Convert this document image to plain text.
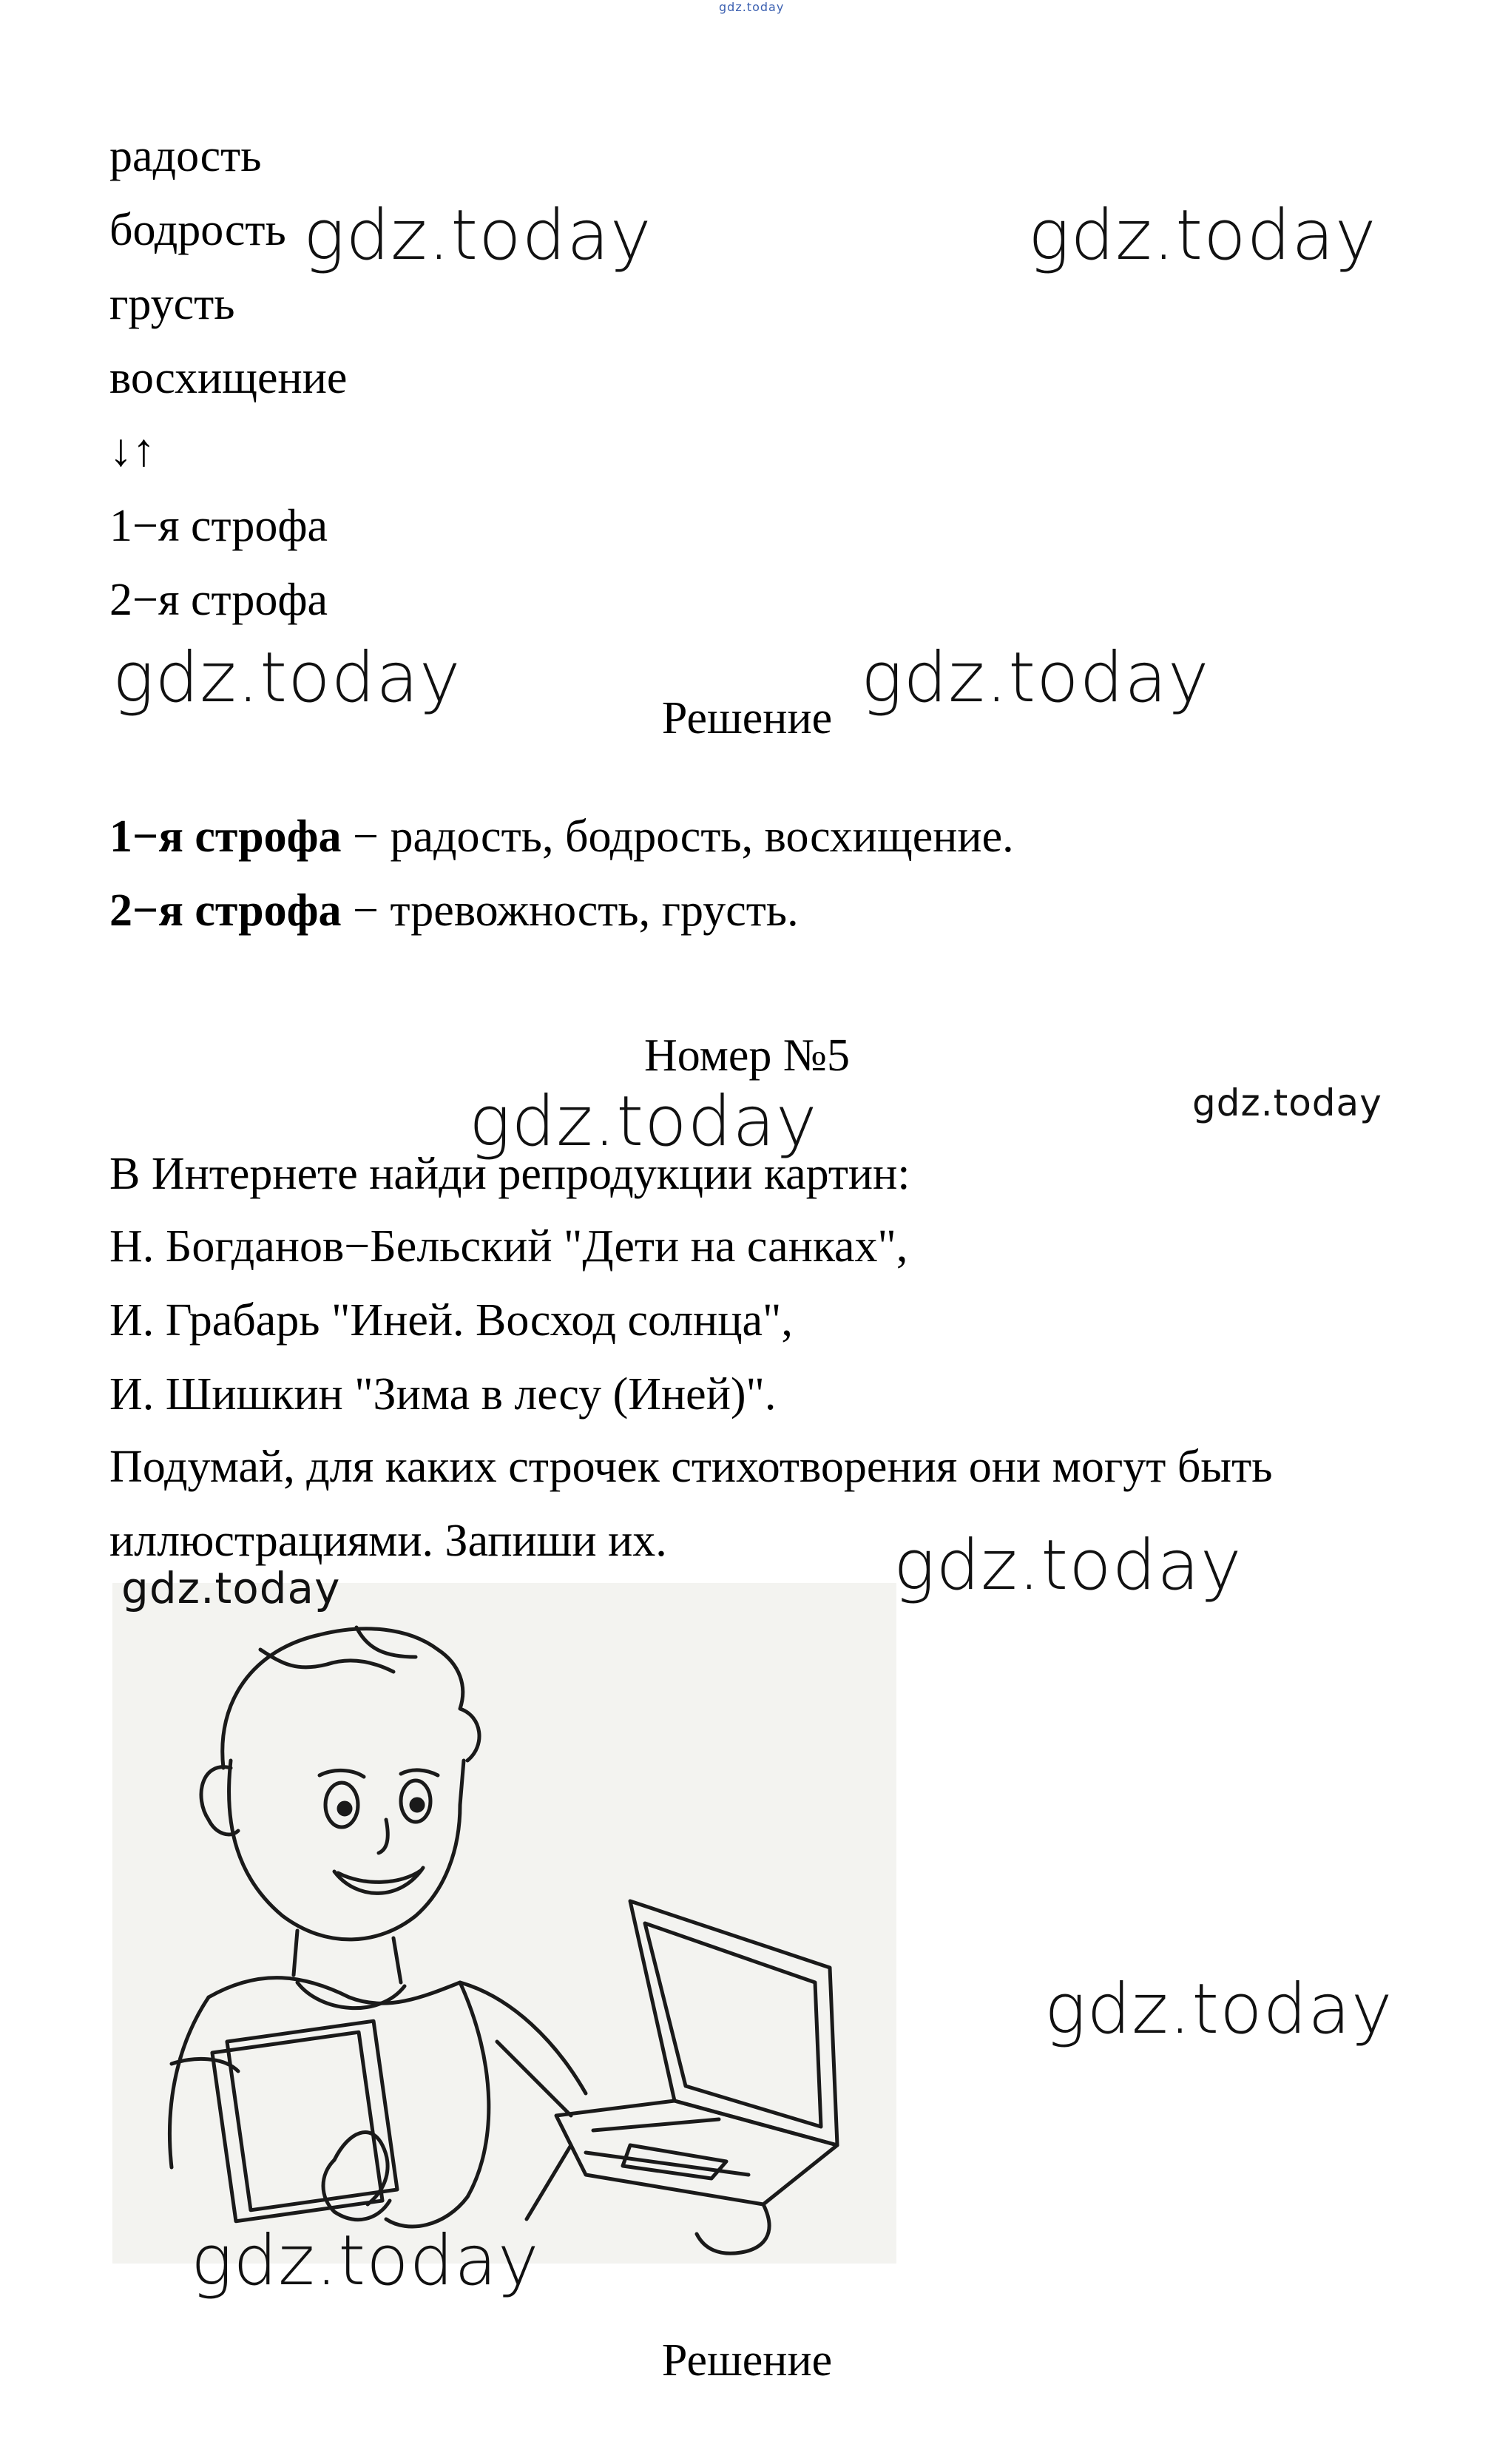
gdz.today
радость
бодрость
грусть
восхищение
↓↑
1−я строфа
2−я строфа
Решение
1−я строфа − радость, бодрость, восхищение.
2−я строфа − тревожность, грусть.
Номер №5
В Интернете найди репродукции картин:
Н. Богданов−Бельский "Дети на санках",
И. Грабарь "Иней. Восход солнца",
И. Шишкин "Зима в лесу (Иней)".
Подумай, для каких строчек стихотворения они могут быть
иллюстрациями. Запиши их.
Решение
gdz.today	gdz.today
gdz.today	gdz.today
gdz.today	gdz.today
gdz.today	gdz.today
gdz.today
gdz.today
